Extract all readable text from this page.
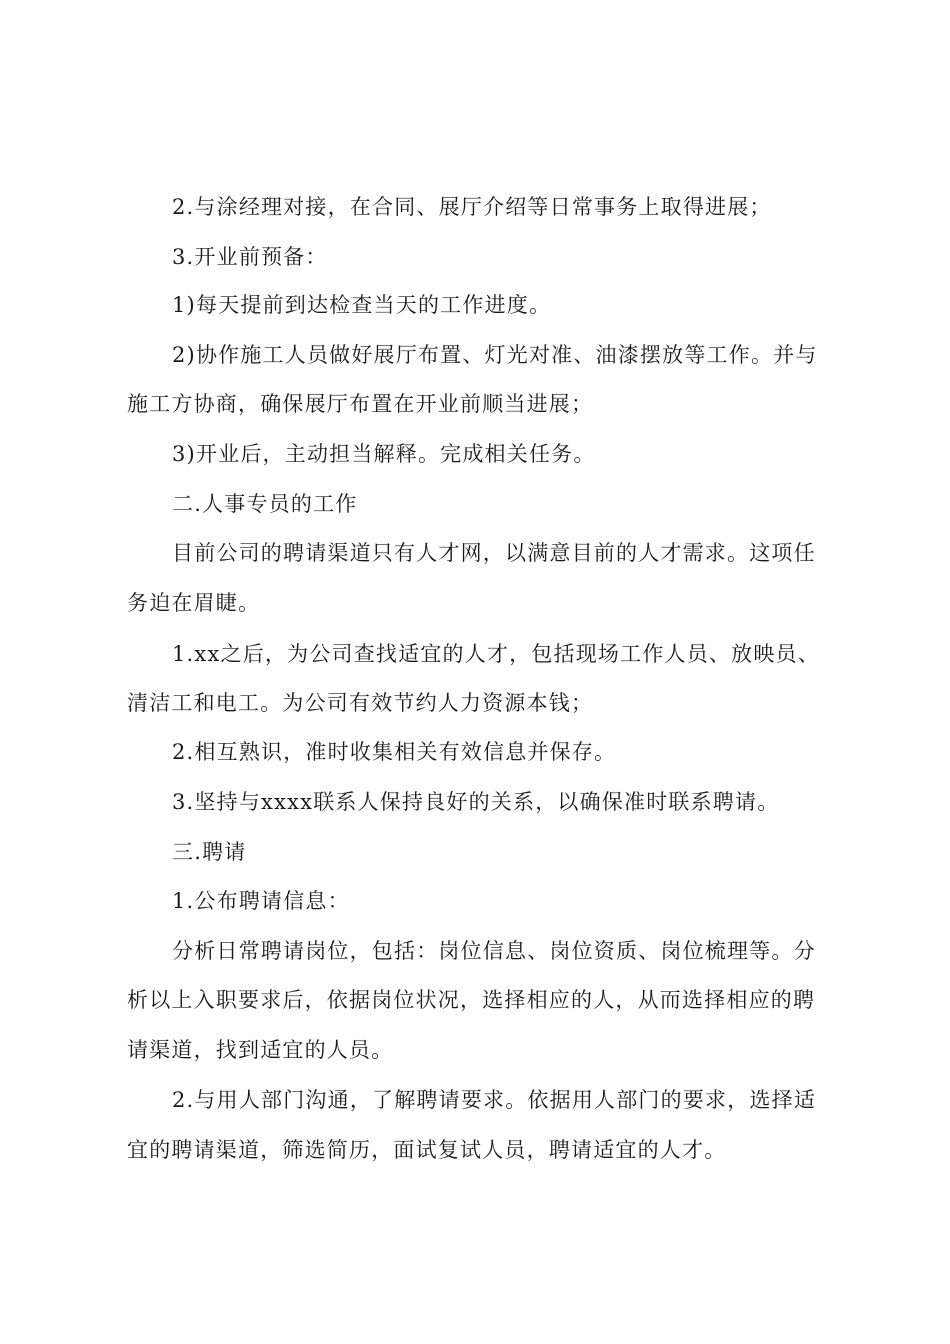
2.与涂经理对接，在合同、展厅介绍等日常事务上取得进展；
3.开业前预备：
1)每天提前到达检查当天的工作进度。
2)协作施工人员做好展厅布置、灯光对准、油漆摆放等工作。并与
施工方协商，确保展厅布置在开业前顺当进展；
3)开业后，主动担当解释。完成相关任务。
二.人事专员的工作
目前公司的聘请渠道只有人才网，以满意目前的人才需求。这项任
务迫在眉睫。
1.xx之后，为公司查找适宜的人才，包括现场工作人员、放映员、
清洁工和电工。为公司有效节约人力资源本钱；
2.相互熟识，准时收集相关有效信息并保存。
3.坚持与xxxx联系人保持良好的关系，以确保准时联系聘请。
三.聘请
1.公布聘请信息：
分析日常聘请岗位，包括：岗位信息、岗位资质、岗位梳理等。分
析以上入职要求后，依据岗位状况，选择相应的人，从而选择相应的聘
请渠道，找到适宜的人员。
2.与用人部门沟通，了解聘请要求。依据用人部门的要求，选择适
宜的聘请渠道，筛选简历，面试复试人员，聘请适宜的人才。
